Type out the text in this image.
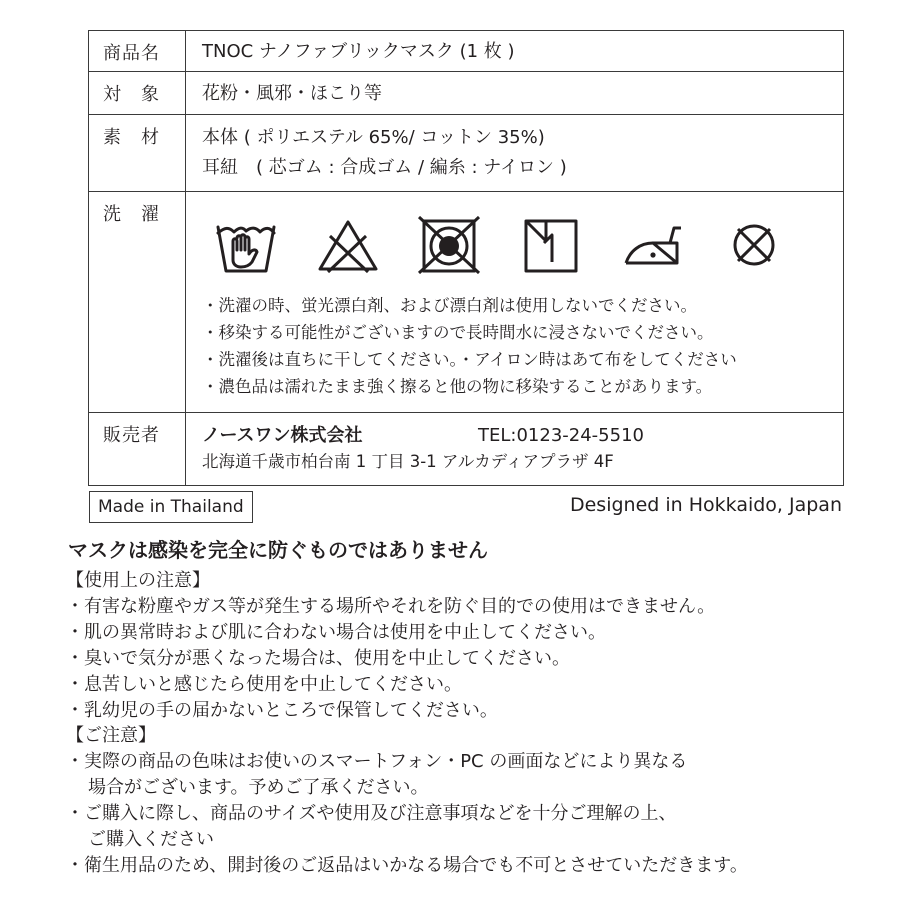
商品名	TNOC ナノファブリックマスク (1 枚 )

対　象	花粉・風邪・ほこり等

素　材	本体 ( ポリエステル 65%/ コットン 35%)
耳紐　( 芯ゴム : 合成ゴム / 編糸 : ナイロン )

洗　濯	・洗濯の時、蛍光漂白剤、および漂白剤は使用しないでください。
・移染する可能性がございますので長時間水に浸さないでください。
・洗濯後は直ちに干してください。・アイロン時はあて布をしてください
・濃色品は濡れたまま強く擦ると他の物に移染することがあります。

販売者	ノースワン株式会社 TEL:0123-24-5510
北海道千歳市柏台南 1 丁目 3-1 アルカディアプラザ 4F
Made in Thailand	Designed in Hokkaido, Japan
マスクは感染を完全に防ぐものではありません

【使用上の注意】

・有害な粉塵やガス等が発生する場所やそれを防ぐ目的での使用はできません。

・肌の異常時および肌に合わない場合は使用を中止してください。

・臭いで気分が悪くなった場合は、使用を中止してください。

・息苦しいと感じたら使用を中止してください。

・乳幼児の手の届かないところで保管してください。

【ご注意】

・実際の商品の色味はお使いのスマートフォン・PC の画面などにより異なる

場合がございます。予めご了承ください。

・ご購入に際し、商品のサイズや使用及び注意事項などを十分ご理解の上、

ご購入ください

・衛生用品のため、開封後のご返品はいかなる場合でも不可とさせていただきます。
